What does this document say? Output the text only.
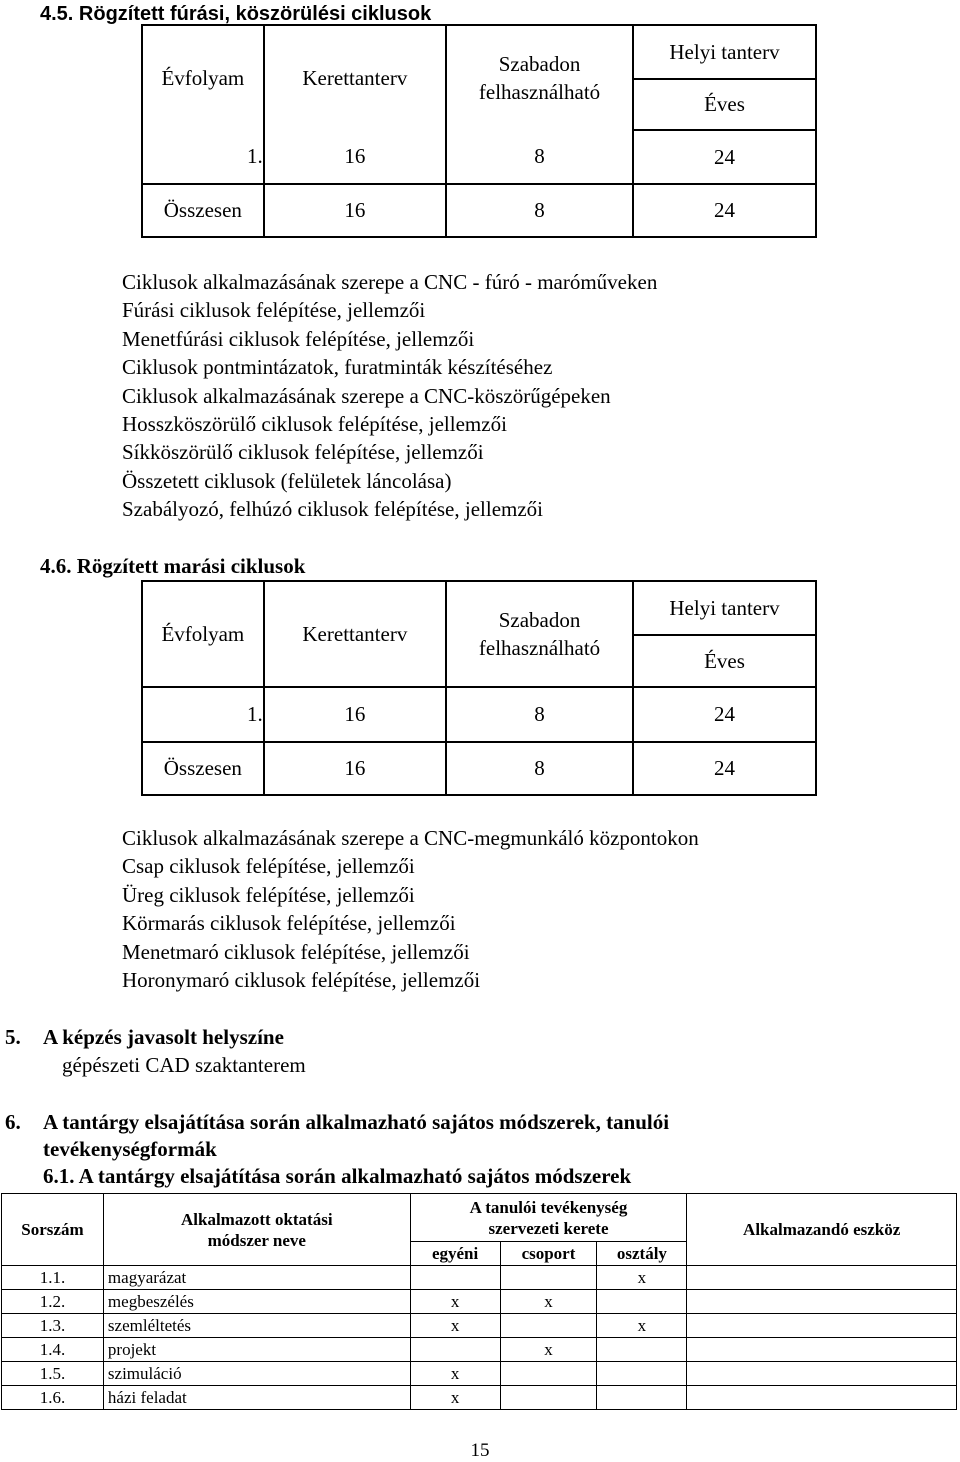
4.5. Rögzített fúrási, köszörülési ciklusok
Évfolyam	Kerettanterv	Szabadon felhasználható	Helyi tanterv
			Éves
1.	16	8	24
Összesen	16	8	24
Ciklusok alkalmazásának szerepe a CNC - fúró - maróműveken
Fúrási ciklusok felépítése, jellemzői
Menetfúrási ciklusok felépítése, jellemzői
Ciklusok pontmintázatok, furatminták készítéséhez
Ciklusok alkalmazásának szerepe a CNC-köszörűgépeken
Hosszköszörülő ciklusok felépítése, jellemzői
Síkköszörülő ciklusok felépítése, jellemzői
Összetett ciklusok (felületek láncolása)
Szabályozó, felhúzó ciklusok felépítése, jellemzői
4.6. Rögzített marási ciklusok
Évfolyam	Kerettanterv	Szabadon felhasználható	Helyi tanterv
			Éves
1.	16	8	24
Összesen	16	8	24
Ciklusok alkalmazásának szerepe a CNC-megmunkáló központokon
Csap ciklusok felépítése, jellemzői
Üreg ciklusok felépítése, jellemzői
Körmarás ciklusok felépítése, jellemzői
Menetmaró ciklusok felépítése, jellemzői
Horonymaró ciklusok felépítése, jellemzői
5. A képzés javasolt helyszíne
gépészeti CAD szaktanterem
6. A tantárgy elsajátítása során alkalmazható sajátos módszerek, tanulói
tevékenységformák
6.1. A tantárgy elsajátítása során alkalmazható sajátos módszerek
Sorszám	Alkalmazott oktatási módszer neve	A tanulói tevékenység szervezeti kerete			Alkalmazandó eszköz
		egyéni	csoport	osztály	
1.1.	magyarázat			x	
1.2.	megbeszélés	x	x		
1.3.	szemléltetés	x		x	
1.4.	projekt		x		
1.5.	szimuláció	x			
1.6.	házi feladat	x			
15
